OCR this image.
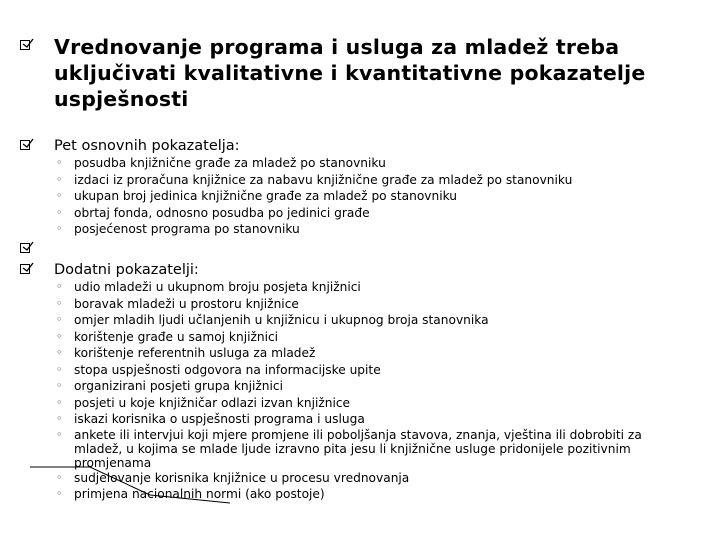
Vrednovanje programa i usluga za mladež treba uključivati kvalitativne i kvantitativne pokazatelje uspješnosti
Pet osnovnih pokazatelja:
◦ posudba knjižnične građe za mladež po stanovniku
◦ izdaci iz proračuna knjižnice za nabavu knjižnične građe za mladež po stanovniku
◦ ukupan broj jedinica knjižnične građe za mladež po stanovniku
◦ obrtaj fonda, odnosno posudba po jedinici građe
◦ posjećenost programa po stanovniku
Dodatni pokazatelji:
◦ udio mladeži u ukupnom broju posjeta knjižnici
◦ boravak mladeži u prostoru knjižnice
◦ omjer mladih ljudi učlanjenih u knjižnicu i ukupnog broja stanovnika
◦ korištenje građe u samoj knjižnici
◦ korištenje referentnih usluga za mladež
◦ stopa uspješnosti odgovora na informacijske upite
◦ organizirani posjeti grupa knjižnici
◦ posjeti u koje knjižničar odlazi izvan knjižnice
◦ iskazi korisnika o uspješnosti programa i usluga
◦ ankete ili intervjui koji mjere promjene ili poboljšanja stavova, znanja, vještina ili dobrobiti za mladež, u kojima se mlade ljude izravno pita jesu li knjižnične usluge pridonijele pozitivnim promjenama
◦ sudjelovanje korisnika knjižnice u procesu vrednovanja
◦ primjena nacionalnih normi (ako postoje)
